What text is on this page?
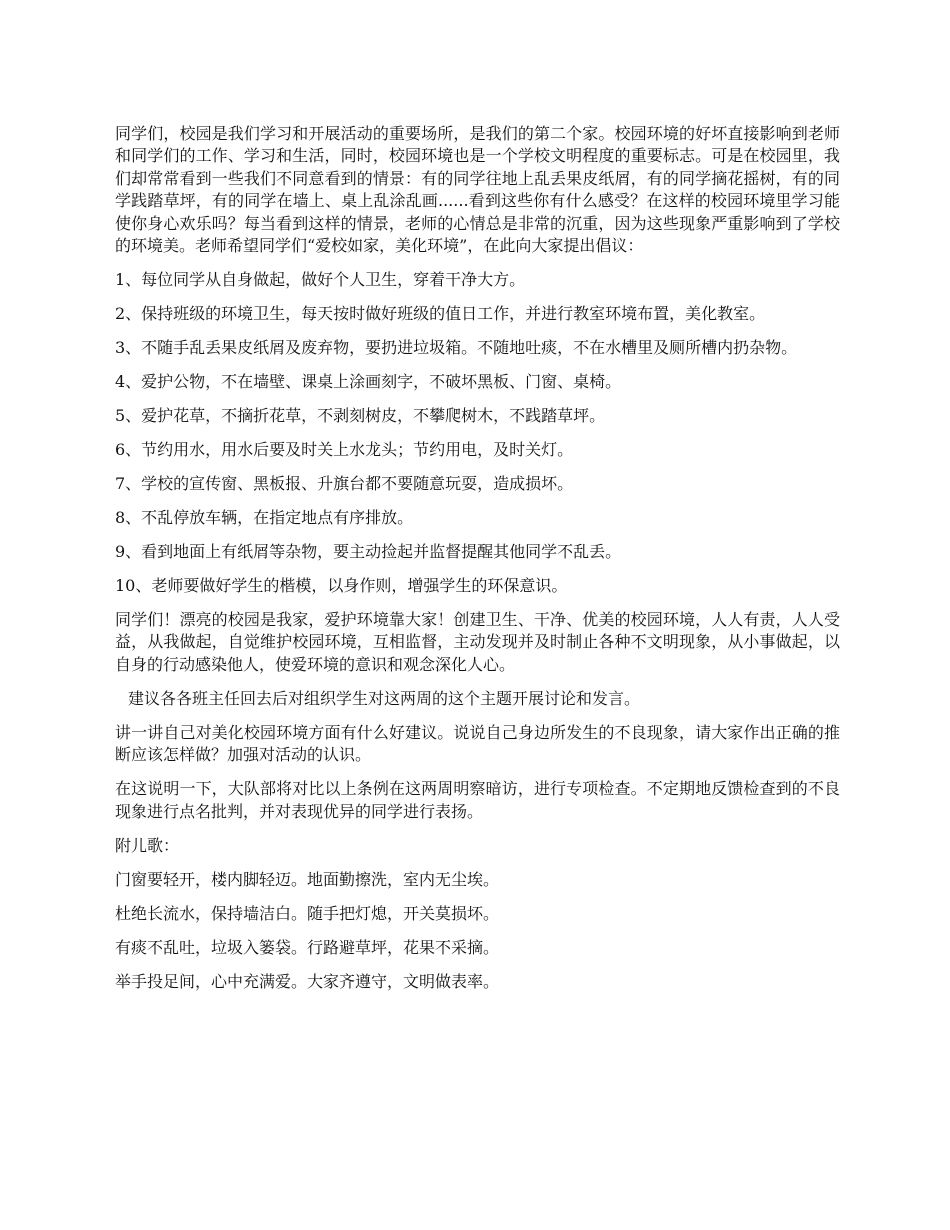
同学们，校园是我们学习和开展活动的重要场所，是我们的第二个家。校园环境的好坏直接影响到老师和同学们的工作、学习和生活，同时，校园环境也是一个学校文明程度的重要标志。可是在校园里，我们却常常看到一些我们不同意看到的情景：有的同学往地上乱丢果皮纸屑，有的同学摘花摇树，有的同学践踏草坪，有的同学在墙上、桌上乱涂乱画......看到这些你有什么感受？在这样的校园环境里学习能使你身心欢乐吗？每当看到这样的情景，老师的心情总是非常的沉重，因为这些现象严重影响到了学校的环境美。老师希望同学们“爱校如家，美化环境”，在此向大家提出倡议：

1、每位同学从自身做起，做好个人卫生，穿着干净大方。

2、保持班级的环境卫生，每天按时做好班级的值日工作，并进行教室环境布置，美化教室。

3、不随手乱丢果皮纸屑及废弃物，要扔进垃圾箱。不随地吐痰，不在水槽里及厕所槽内扔杂物。

4、爱护公物，不在墙壁、课桌上涂画刻字，不破坏黑板、门窗、桌椅。

5、爱护花草，不摘折花草，不剥刻树皮，不攀爬树木，不践踏草坪。

6、节约用水，用水后要及时关上水龙头；节约用电，及时关灯。

7、学校的宣传窗、黑板报、升旗台都不要随意玩耍，造成损坏。

8、不乱停放车辆，在指定地点有序排放。

9、看到地面上有纸屑等杂物，要主动捡起并监督提醒其他同学不乱丢。

10、老师要做好学生的楷模，以身作则，增强学生的环保意识。

同学们！漂亮的校园是我家，爱护环境靠大家！创建卫生、干净、优美的校园环境，人人有责，人人受益，从我做起，自觉维护校园环境，互相监督，主动发现并及时制止各种不文明现象，从小事做起，以自身的行动感染他人，使爱环境的意识和观念深化人心。

建议各各班主任回去后对组织学生对这两周的这个主题开展讨论和发言。

讲一讲自己对美化校园环境方面有什么好建议。说说自己身边所发生的不良现象，请大家作出正确的推断应该怎样做？加强对活动的认识。

在这说明一下，大队部将对比以上条例在这两周明察暗访，进行专项检查。不定期地反馈检查到的不良现象进行点名批判，并对表现优异的同学进行表扬。

附儿歌：

门窗要轻开，楼内脚轻迈。地面勤擦洗，室内无尘埃。

杜绝长流水，保持墙洁白。随手把灯熄，开关莫损坏。

有痰不乱吐，垃圾入篓袋。行路避草坪，花果不采摘。

举手投足间，心中充满爱。大家齐遵守，文明做表率。
